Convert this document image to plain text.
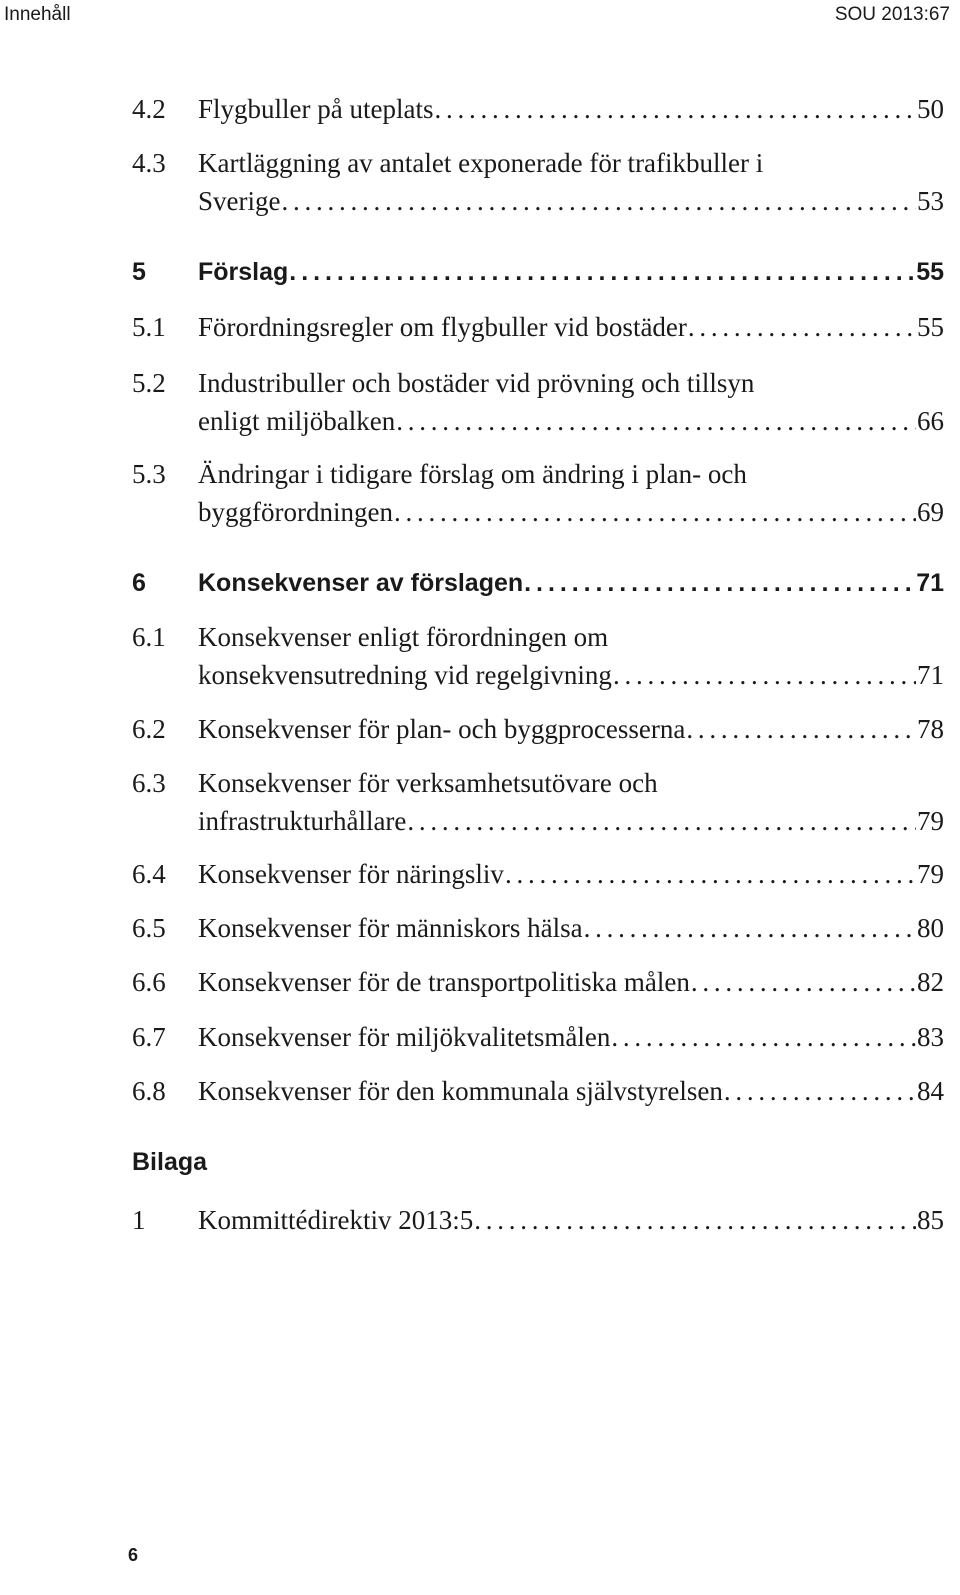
Innehåll	SOU 2013:67
4.2 Flygbuller på uteplats . . .	50
4.3 Kartläggning av antalet exponerade för trafikbuller i
Sverige . . .	53
5 Förslag . . .	55
5.1 Förordningsregler om flygbuller vid bostäder . . .	55
5.2 Industribuller och bostäder vid prövning och tillsyn
enligt miljöbalken . . .	66
5.3 Ändringar i tidigare förslag om ändring i plan- och
byggförordningen . . .	69
6 Konsekvenser av förslagen . . .	71
6.1 Konsekvenser enligt förordningen om
konsekvensutredning vid regelgivning . . .	71
6.2 Konsekvenser för plan- och byggprocesserna . . .	78
6.3 Konsekvenser för verksamhetsutövare och
infrastrukturhållare . . .	79
6.4 Konsekvenser för näringsliv . . .	79
6.5 Konsekvenser för människors hälsa . . .	80
6.6 Konsekvenser för de transportpolitiska målen . . .	82
6.7 Konsekvenser för miljökvalitetsmålen . . .	83
6.8 Konsekvenser för den kommunala självstyrelsen . . .	84
Bilaga
1 Kommittédirektiv 2013:5 . . .	85
6
